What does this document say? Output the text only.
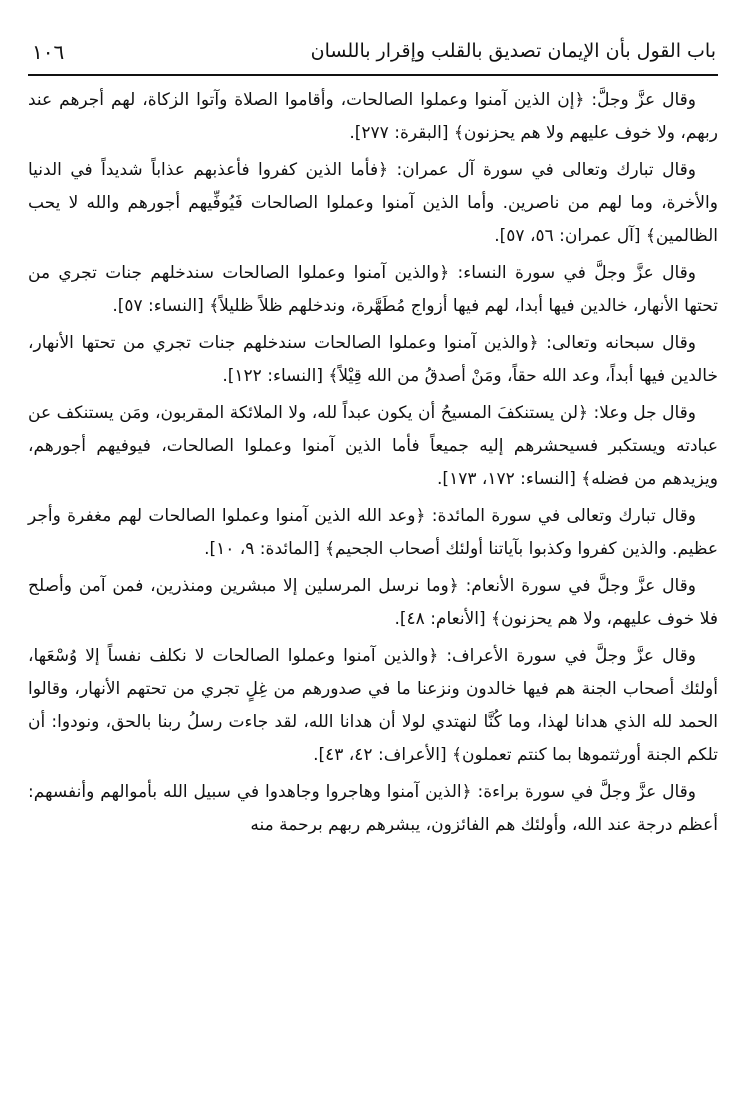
باب القول بأن الإيمان تصديق بالقلب وإقرار باللسان
١٠٦

وقال عزَّ وجلَّ: ﴿إن الذين آمنوا وعملوا الصالحات، وأقاموا الصلاة وآتوا الزكاة، لهم أجرهم عند ربهم، ولا خوف عليهم ولا هم يحزنون﴾ [البقرة: ٢٧٧].

وقال تبارك وتعالى في سورة آل عمران: ﴿فأما الذين كفروا فأعذبهم عذاباً شديداً في الدنيا والأخرة، وما لهم من ناصرين. وأما الذين آمنوا وعملوا الصالحات فَيُوفِّيهم أجورهم والله لا يحب الظالمين﴾ [آل عمران: ٥٦، ٥٧].

وقال عزَّ وجلَّ في سورة النساء: ﴿والذين آمنوا وعملوا الصالحات سندخلهم جنات تجري من تحتها الأنهار، خالدين فيها أبدا، لهم فيها أزواج مُطَهَّرة، وندخلهم ظلاً ظليلاً﴾ [النساء: ٥٧].

وقال سبحانه وتعالى: ﴿والذين آمنوا وعملوا الصالحات سندخلهم جنات تجري من تحتها الأنهار، خالدين فيها أبداً، وعد الله حقاً، ومَنْ أصدقُ من الله قِيْلاً﴾ [النساء: ١٢٢].

وقال جل وعلا: ﴿لن يستنكفَ المسيحُ أن يكون عبداً لله، ولا الملائكة المقربون، ومَن يستنكف عن عبادته ويستكبر فسيحشرهم إليه جميعاً فأما الذين آمنوا وعملوا الصالحات، فيوفيهم أجورهم، ويزيدهم من فضله﴾ [النساء: ١٧٢، ١٧٣].

وقال تبارك وتعالى في سورة المائدة: ﴿وعد الله الذين آمنوا وعملوا الصالحات لهم مغفرة وأجر عظيم. والذين كفروا وكذبوا بآياتنا أولئك أصحاب الجحيم﴾ [المائدة: ٩، ١٠].

وقال عزَّ وجلَّ في سورة الأنعام: ﴿وما نرسل المرسلين إلا مبشرين ومنذرين، فمن آمن وأصلح فلا خوف عليهم، ولا هم يحزنون﴾ [الأنعام: ٤٨].

وقال عزَّ وجلَّ في سورة الأعراف: ﴿والذين آمنوا وعملوا الصالحات لا نكلف نفساً إلا وُسْعَها، أولئك أصحاب الجنة هم فيها خالدون ونزعنا ما في صدورهم من غِلٍ تجري من تحتهم الأنهار، وقالوا الحمد لله الذي هدانا لهذا، وما كُنَّا لنهتدي لولا أن هدانا الله، لقد جاءت رسلُ ربنا بالحق، ونودوا: أن تلكم الجنة أورثتموها بما كنتم تعملون﴾ [الأعراف: ٤٢، ٤٣].

وقال عزَّ وجلَّ في سورة براءة: ﴿الذين آمنوا وهاجروا وجاهدوا في سبيل الله بأموالهم وأنفسهم: أعظم درجة عند الله، وأولئك هم الفائزون، يبشرهم ربهم برحمة منه
